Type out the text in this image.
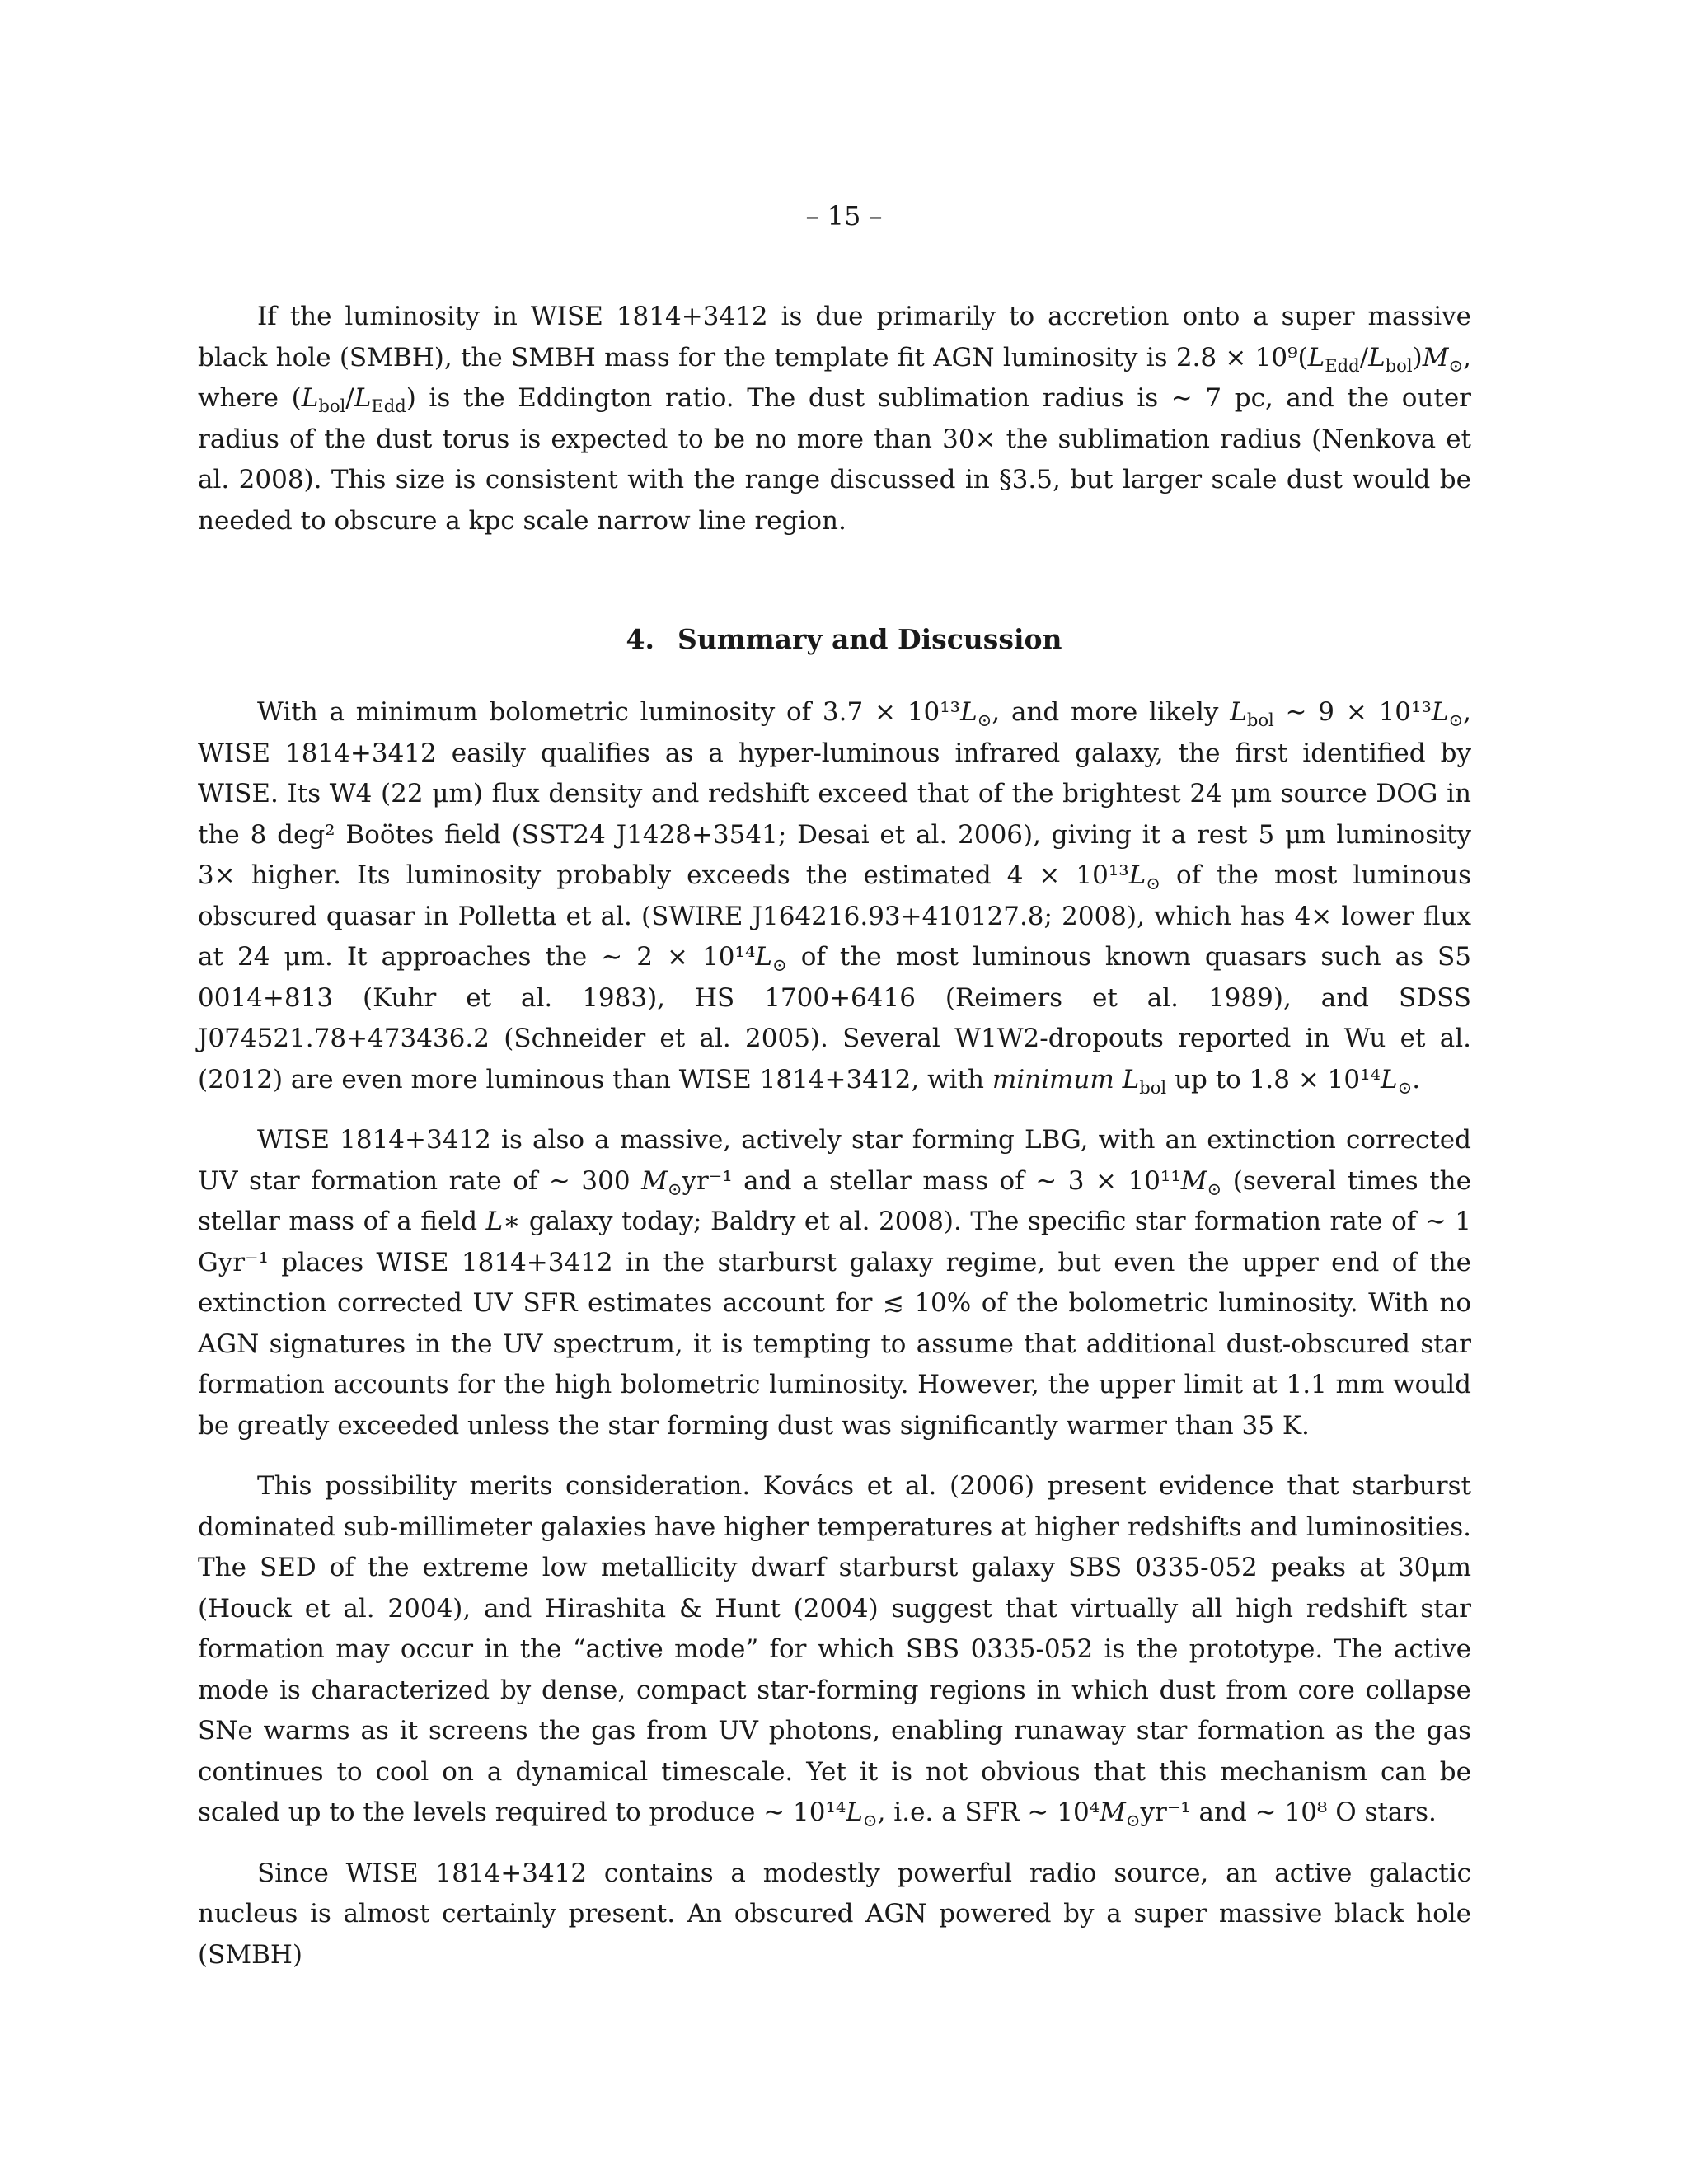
– 15 –

If the luminosity in WISE 1814+3412 is due primarily to accretion onto a super massive black hole (SMBH), the SMBH mass for the template fit AGN luminosity is $2.8 \times 10^9(L_{Edd}/L_{bol})M_⊙$, where $(L_{bol}/L_{Edd})$ is the Eddington ratio. The dust sublimation radius is ∼ 7 pc, and the outer radius of the dust torus is expected to be no more than 30× the sublimation radius (Nenkova et al. 2008). This size is consistent with the range discussed in §3.5, but larger scale dust would be needed to obscure a kpc scale narrow line region.

4. Summary and Discussion

With a minimum bolometric luminosity of $3.7 \times 10^{13}L_⊙$, and more likely $L_{bol}$ ∼ $9 \times 10^{13}L_⊙$, WISE 1814+3412 easily qualifies as a hyper-luminous infrared galaxy, the first identified by WISE. Its W4 (22 μm) flux density and redshift exceed that of the brightest 24 μm source DOG in the 8 deg² Boötes field (SST24 J1428+3541; Desai et al. 2006), giving it a rest 5 μm luminosity 3× higher. Its luminosity probably exceeds the estimated $4 \times 10^{13}L_⊙$ of the most luminous obscured quasar in Polletta et al. (SWIRE J164216.93+410127.8; 2008), which has 4× lower flux at 24 μm. It approaches the ∼ $2 \times 10^{14}L_⊙$ of the most luminous known quasars such as S5 0014+813 (Kuhr et al. 1983), HS 1700+6416 (Reimers et al. 1989), and SDSS J074521.78+473436.2 (Schneider et al. 2005). Several W1W2-dropouts reported in Wu et al. (2012) are even more luminous than WISE 1814+3412, with minimum $L_{bol}$ up to $1.8 \times 10^{14}L_⊙$.

WISE 1814+3412 is also a massive, actively star forming LBG, with an extinction corrected UV star formation rate of ∼ 300 $M_⊙yr^{-1}$ and a stellar mass of ∼ $3 \times 10^{11}M_⊙$ (several times the stellar mass of a field L∗ galaxy today; Baldry et al. 2008). The specific star formation rate of ∼ 1 Gyr⁻¹ places WISE 1814+3412 in the starburst galaxy regime, but even the upper end of the extinction corrected UV SFR estimates account for ≲ 10% of the bolometric luminosity. With no AGN signatures in the UV spectrum, it is tempting to assume that additional dust-obscured star formation accounts for the high bolometric luminosity. However, the upper limit at 1.1 mm would be greatly exceeded unless the star forming dust was significantly warmer than 35 K.

This possibility merits consideration. Kovács et al. (2006) present evidence that starburst dominated sub-millimeter galaxies have higher temperatures at higher redshifts and luminosities. The SED of the extreme low metallicity dwarf starburst galaxy SBS 0335-052 peaks at 30μm (Houck et al. 2004), and Hirashita & Hunt (2004) suggest that virtually all high redshift star formation may occur in the “active mode” for which SBS 0335-052 is the prototype. The active mode is characterized by dense, compact star-forming regions in which dust from core collapse SNe warms as it screens the gas from UV photons, enabling runaway star formation as the gas continues to cool on a dynamical timescale. Yet it is not obvious that this mechanism can be scaled up to the levels required to produce ∼ $10^{14}L_⊙$, i.e. a SFR ∼ $10^4M_⊙yr^{-1}$ and ∼ 10⁸ O stars.

Since WISE 1814+3412 contains a modestly powerful radio source, an active galactic nucleus is almost certainly present. An obscured AGN powered by a super massive black hole (SMBH)
